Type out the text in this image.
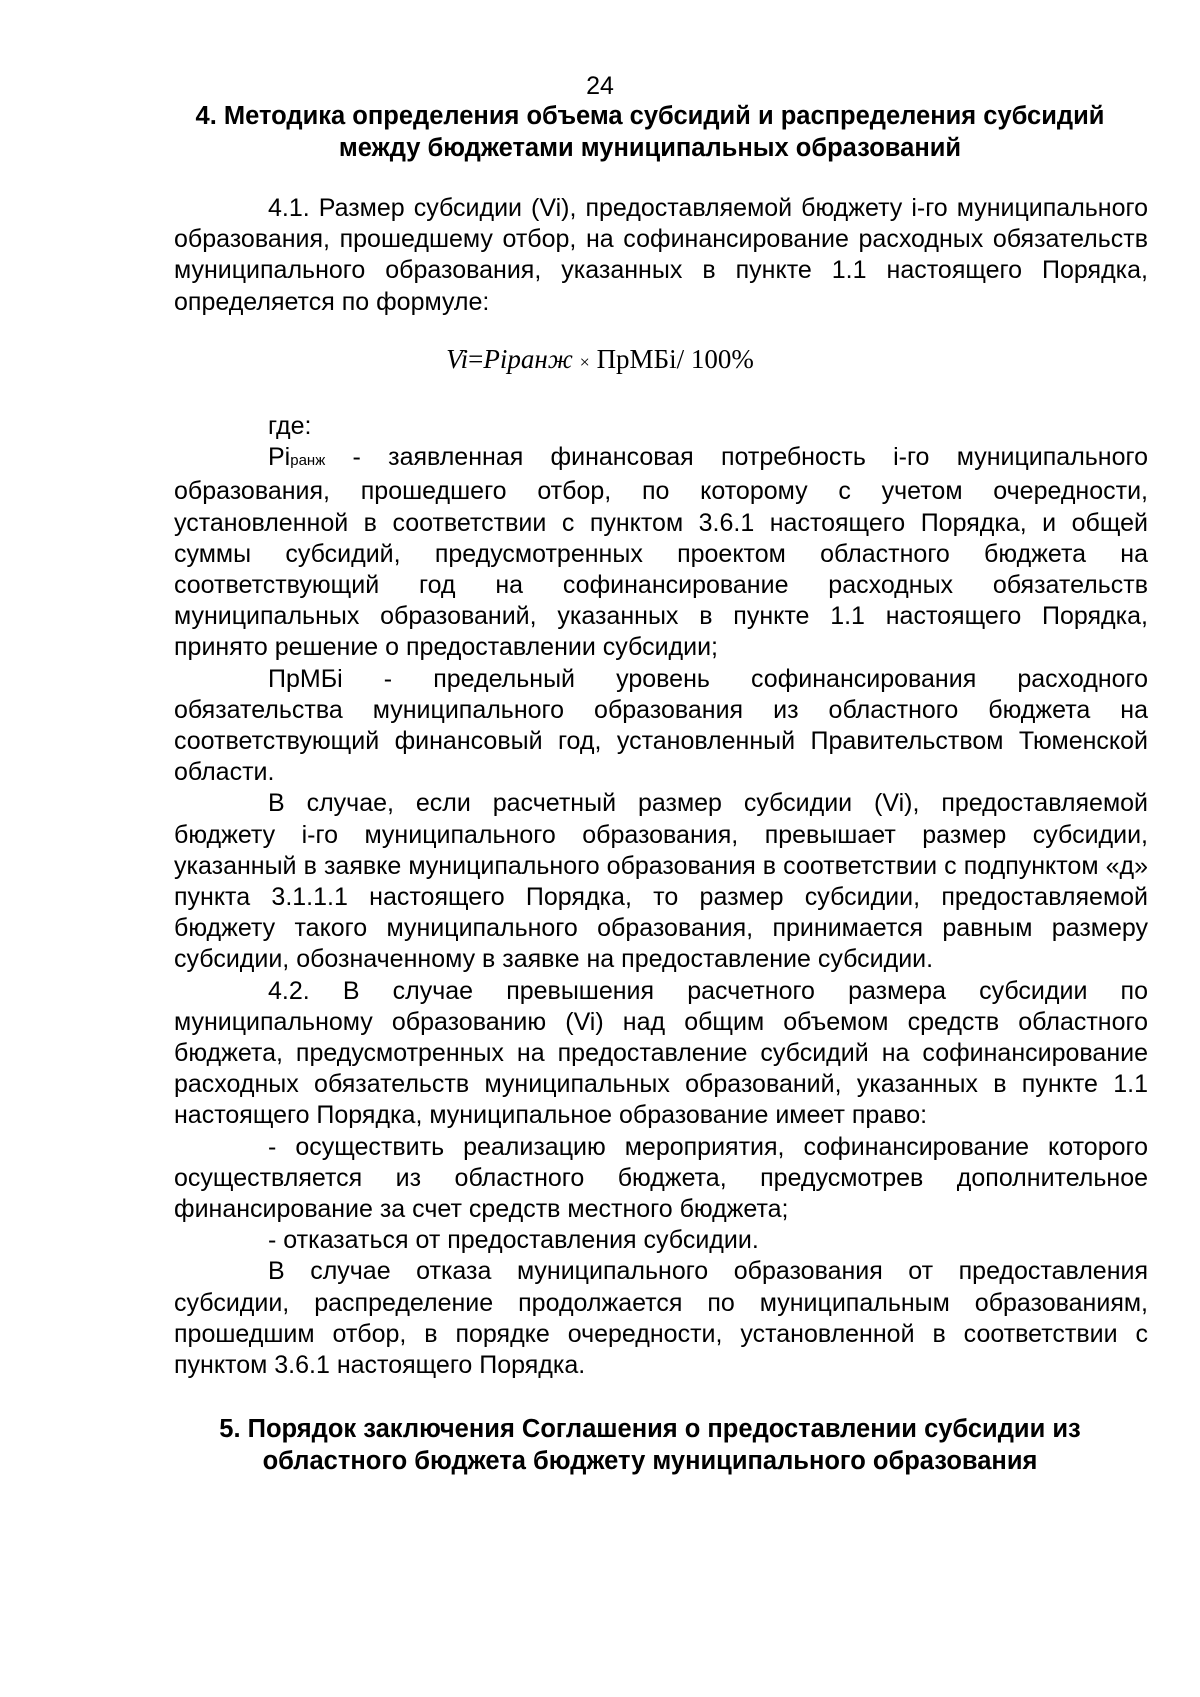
24
4. Методика определения объема субсидий и распределения субсидий
между бюджетами муниципальных образований

4.1. Размер субсидии (Vi), предоставляемой бюджету i-го муниципального образования, прошедшему отбор, на софинансирование расходных обязательств муниципального образования, указанных в пункте 1.1 настоящего Порядка, определяется по формуле:

Vi=Piранж × ПрМБi/ 100%

где:

Piранж - заявленная финансовая потребность i-го муниципального образования, прошедшего отбор, по которому с учетом очередности, установленной в соответствии с пунктом 3.6.1 настоящего Порядка, и общей суммы субсидий, предусмотренных проектом областного бюджета на соответствующий год на софинансирование расходных обязательств муниципальных образований, указанных в пункте 1.1 настоящего Порядка, принято решение о предоставлении субсидии;

ПрМБi - предельный уровень софинансирования расходного обязательства муниципального образования из областного бюджета на соответствующий финансовый год, установленный Правительством Тюменской области.

В случае, если расчетный размер субсидии (Vi), предоставляемой бюджету i-го муниципального образования, превышает размер субсидии, указанный в заявке муниципального образования в соответствии с подпунктом «д» пункта 3.1.1.1 настоящего Порядка, то размер субсидии, предоставляемой бюджету такого муниципального образования, принимается равным размеру субсидии, обозначенному в заявке на предоставление субсидии.

4.2. В случае превышения расчетного размера субсидии по муниципальному образованию (Vi) над общим объемом средств областного бюджета, предусмотренных на предоставление субсидий на софинансирование расходных обязательств муниципальных образований, указанных в пункте 1.1 настоящего Порядка, муниципальное образование имеет право:

- осуществить реализацию мероприятия, софинансирование которого осуществляется из областного бюджета, предусмотрев дополнительное финансирование за счет средств местного бюджета;

- отказаться от предоставления субсидии.

В случае отказа муниципального образования от предоставления субсидии, распределение продолжается по муниципальным образованиям, прошедшим отбор, в порядке очередности, установленной в соответствии с пунктом 3.6.1 настоящего Порядка.

5. Порядок заключения Соглашения о предоставлении субсидии из
областного бюджета бюджету муниципального образования
